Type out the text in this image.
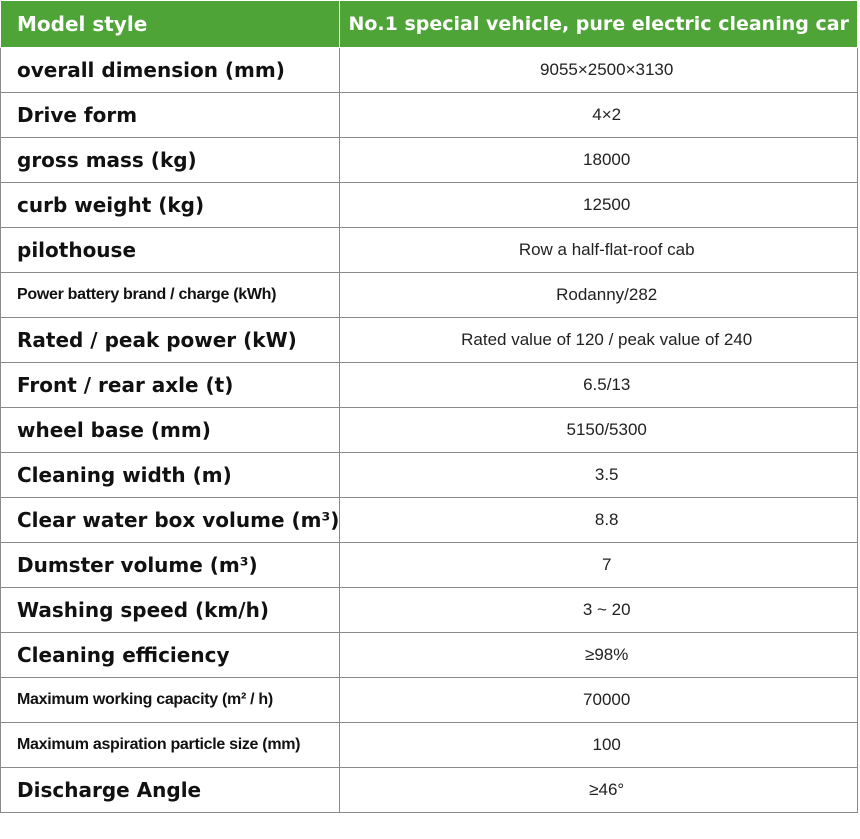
Model style	No.1 special vehicle, pure electric cleaning car
overall dimension (mm)	9055×2500×3130
Drive form	4×2
gross mass (kg)	18000
curb weight (kg)	12500
pilothouse	Row a half-flat-roof cab
Power battery brand / charge (kWh)	Rodanny/282
Rated / peak power (kW)	Rated value of 120 / peak value of 240
Front / rear axle (t)	6.5/13
wheel base (mm)	5150/5300
Cleaning width (m)	3.5
Clear water box volume (m³)	8.8
Dumster volume (m³)	7
Washing speed (km/h)	3 ~ 20
Cleaning efficiency	≥98%
Maximum working capacity (m² / h)	70000
Maximum aspiration particle size (mm)	100
Discharge Angle	≥46°
